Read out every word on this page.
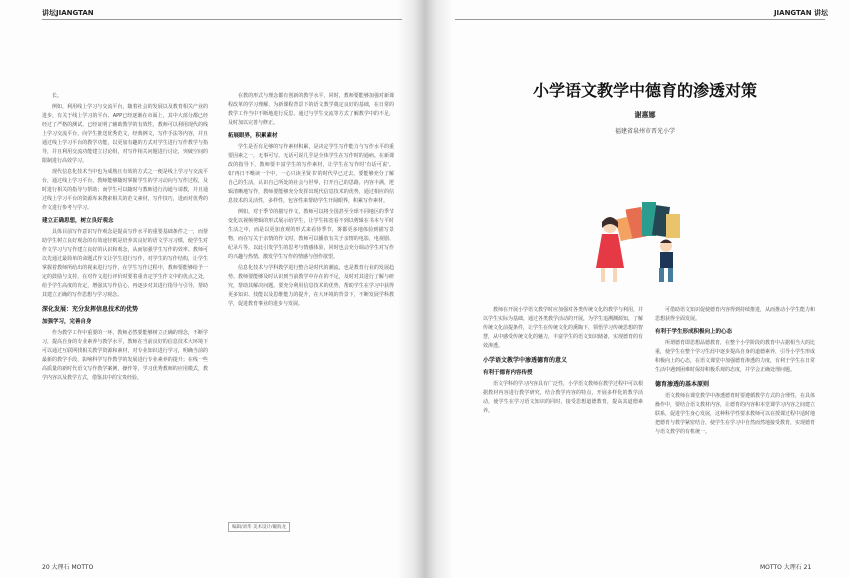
讲坛JIANGTAN

长。

例如，利用线上学习与交流平台，随着社会的发展以及教育相关产业的进步，有关于线上学习的平台、APP已经逐渐在市面上，其中大部分都已经经过了严格的测试，已经证明了辅助教学的有效性，教师可以利用现代的线上学习交流平台，向学生推送优秀范文，经典例文，写作手法等内容，并且通过线上学习平台的教学功能，以更加有趣的方式对学生进行写作教学与指导，并且利用交流功能建立讨论组，对写作相关问题进行讨论，突破空间的限制进行高效学习。

现代信息化技术当中也为成熟且有效的方式之一便是线上学习与交流平台，通过线上学习平台，教师能够随时掌握学生的学习动向与写作过程，及时进行相关的指导与帮助；而学生可以随时与教师进行沟通与请教，并且通过线上学习平台的资源库来搜索相关的范文素材，写作技巧，进而对优秀的作文进行参考与学习。

建立正确思想，树立良好观念

具体目前写作意识写作观念是提高写作水平的重要基础条件之一，而帮助学生树立良好观念的有效途径则是培养其良好的语文学习习惯，使学生对作文学习与写作建立良好的认识和观念，从而加强学生写作的效率。教师可以先通过最简单的命题式作文让学生进行写作，对学生的写作结构，让学生掌握着教师所给出的视来进行写作，在学生写作过程中，教师要能够给予一定的鼓励与支持，在对作文进行评价时要着重肯定学生作文中的优点之处，给予学生高度的肯定，增强其写作信心，再逐步对其进行指导与引导，帮助其建立正确的写作思想与学习观念。

深化发展：充分发挥信息技术的优势
加强学习，完善自身

作为教学工作中重要的一环，教师必然要能够树立正确的理念，不断学习，提高自身的专业素养与教学水平，教师在当前良好的信息技术大环境下可以通过互联网找相关教学资源和素材，对专业知识进行学习，明确当前的最新的教学手段，影响科学写作教学的发展进行专业素养的提升；在线一些高质量的新时代语文写作教学案例，操作等，学习优秀教师的应用模式，教学内容以及教学方式，借鉴其中的宝贵经验。

在教的形式与理念都有创新的教学水平，同时，教师要能够加强对新课程改革的学习理解，为新课程背景下的语文教学奠定良好的基础，在日常的教学工作当中不断地进行反思，通过与学生交流等方式了解教学中的不足，及时加以完善与修正。

拓展眼界，积累素材

学生是否有足够的写作素材积累，是决定学生写作能力与写作水平的重要因素之一，无事可写，无话可说几乎是全体学生在写作时的通病。在新课改的指导下，教师要丰富学生的写作素材，让学生在写作时'有话可说'。如'再日不啭读一个中，一心只读圣贤书'的时代早已过去，要能够充分了解自己的生活，认识自己所处的社会与世界，打开自己的思路，内容丰满，逻辑清晰地写作，教师要能够充分发挥出现代信息技术的优势，通过相应的信息技术的灵活性，多样性，包容性来帮助学生开阔眼界，积累写作素材。

例如，对于季节的描写作文，教师可以将全国甚至全球不同地区的季节变化以视频剪辑的形式展示给学生，让学生拓宽看不到以剪辑在书本与平时生活之中，而是以更加直观的形式来看待季节，雾都更多地体验到描写景物，而在写关于亲情的作文时，教师可以播放有关于亲情的电影，电视剧、纪录片等，以此引发学生的思考与情感体验，同时也会充分调动学生对写作的兴趣与热情，激发学生写作的情感与创作欲望。

信息化技术与学科教学进行整合是时代的潮流，也是教育行业的发展趋势。教师要能够及时认识到当前教学中存在的不足，及时对其进行了解与研究，帮助其解决问题。要充分利用信息技术的优势，帮助学生在学习中获得更多知识、技能以及思维能力的提升，在大环境的背景下，不断发展学科教学，促进教育事业的进步与发展。

编辑/刘华 美术设计/戴海龙
20 大理石 MOTTO
JIANGTAN 讲坛
小学语文教学中德育的渗透对策
谢惠娜
福建省泉州市晋光小学

教师在开展小学语文教学时应加强对各类传统文化的教学与利用，并以学生实际为基础，通过各类教学活动的开展，为学生追溯渊源知，了解传统文化前提条件，让学生在传统文化的熏陶下，领悟学习传统思想的智慧，从中感受传统文化的魅力，丰富学生的语文知识储备，实现德育的有效渗透。

小学语文教学中渗透德育的意义
有利于德育内容传授

语文学科的学习内容具有广泛性，小学语文教师在教学过程中可以根据教材内容进行教学研究，结合教学内容的特点，开展多样化的教学活动，使学生在学习语文知识的同时，接受思想道德教育，提高其道德素养。

可借助语文知识促使德育内容得到持续推进，从而推动小学生能力和思想获得全面发展。

有利于学生形成积极向上的心态

所谓德育即思想品德教育，在整个小学阶段的教育中占据相当大的比重，使学生在整个学习生涯中逐步提高自身的道德素养，引导小学生形成积极向上的心态，在语文课堂中加强德育渗透的力度，有利于学生在日常生活中遇到困难时保持积极乐观的态度，并学会正确处理问题。

德育渗透的基本原则

语文教师在课堂教学中渗透德育时要遵循教学方式的合理性，在具体操作中，要结合语文教材内容，让德育的内容和本堂课学习内容之间建立联系，促进学生身心发展，这种科学性要求教师可以在授课过程中适时地把德育与教学紧密结合，使学生在学习中自然而然地接受教育，实现德育与语文教学的有机统一。

MOTTO 大理石 21
